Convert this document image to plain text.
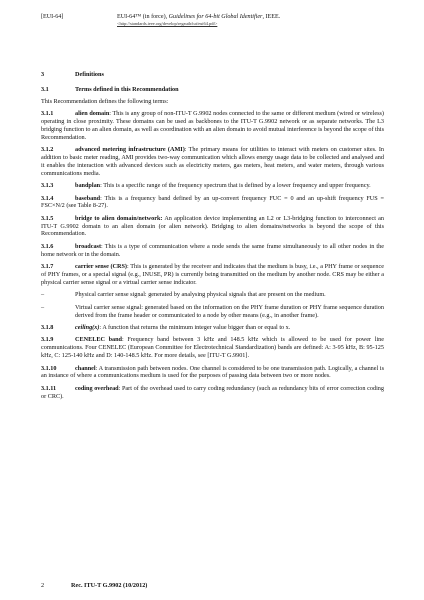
[EUI-64]	EUI-64™ (in force), Guidelines for 64-bit Global Identifier, IEEE.
<http://standards.ieee.org/develop/regauth/tut/eui64.pdf>
3	Definitions
3.1	Terms defined in this Recommendation

This Recommendation defines the following terms:

3.1.1	alien domain: This is any group of non-ITU-T G.9902 nodes connected to the same or different medium (wired or wireless) operating in close proximity. These domains can be used as backbones to the ITU-T G.9902 network or as separate networks. The L3 bridging function to an alien domain, as well as coordination with an alien domain to avoid mutual interference is beyond the scope of this Recommendation.

3.1.2	advanced metering infrastructure (AMI): The primary means for utilities to interact with meters on customer sites. In addition to basic meter reading, AMI provides two-way communication which allows energy usage data to be collected and analysed and it enables the interaction with advanced devices such as electricity meters, gas meters, heat meters, and water meters, through various communications media.

3.1.3	bandplan: This is a specific range of the frequency spectrum that is defined by a lower frequency and upper frequency.

3.1.4	baseband: This is a frequency band defined by an up-convert frequency FUC = 0 and an up-shift frequency FUS = FSC×N/2 (see Table 8-27).

3.1.5	bridge to alien domain/network: An application device implementing an L2 or L3-bridging function to interconnect an ITU-T G.9902 domain to an alien domain (or alien network). Bridging to alien domains/networks is beyond the scope of this Recommendation.

3.1.6	broadcast: This is a type of communication where a node sends the same frame simultaneously to all other nodes in the home network or in the domain.

3.1.7	carrier sense (CRS): This is generated by the receiver and indicates that the medium is busy, i.e., a PHY frame or sequence of PHY frames, or a special signal (e.g., INUSE, PR) is currently being transmitted on the medium by another node. CRS may be either a physical carrier sense signal or a virtual carrier sense indicator.

–	Physical carrier sense signal: generated by analysing physical signals that are present on the medium.
–	Virtual carrier sense signal: generated based on the information on the PHY frame duration or PHY frame sequence duration derived from the frame header or communicated to a node by other means (e.g., in another frame).

3.1.8	ceiling(x): A function that returns the minimum integer value bigger than or equal to x.

3.1.9	CENELEC band: Frequency band between 3 kHz and 148.5 kHz which is allowed to be used for power line communications. Four CENELEC (European Committee for Electrotechnical Standardization) bands are defined: A: 3-95 kHz, B: 95-125 kHz, C: 125-140 kHz and D: 140-148.5 kHz. For more details, see [ITU-T G.9901].

3.1.10	channel: A transmission path between nodes. One channel is considered to be one transmission path. Logically, a channel is an instance of where a communications medium is used for the purposes of passing data between two or more nodes.

3.1.11	coding overhead: Part of the overhead used to carry coding redundancy (such as redundancy bits of error correction coding or CRC).

2	Rec. ITU-T G.9902 (10/2012)
